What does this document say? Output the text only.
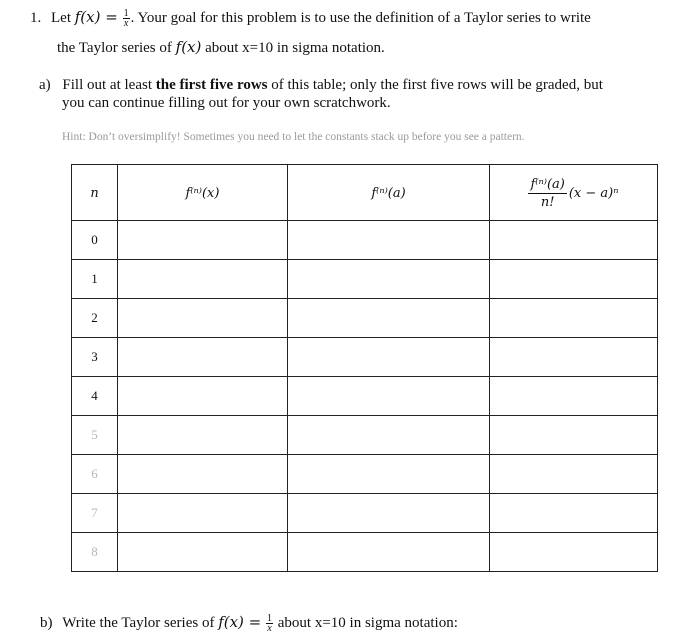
1. Let $f(x) = \frac{1}{x}$ . Your goal for this problem is to use the definition of a Taylor series to write
the Taylor series of f(x) about x=10 in sigma notation.
a) Fill out at least the first five rows of this table; only the first five rows will be graded, but
you can continue filling out for your own scratchwork.
Hint: Don’t oversimplify! Sometimes you need to let the constants stack up before you see a pattern.
n	f⁽ⁿ⁾(x)	f⁽ⁿ⁾(a)	$\frac{\text{f⁽ⁿ⁾(a)}}{n!} (x - a)^n$

0			
1			
2			
3			
4			
5			
6			
7			
8			
b) Write the Taylor series of $f(x) = \frac{1}{x}$ about x=10 in sigma notation:
